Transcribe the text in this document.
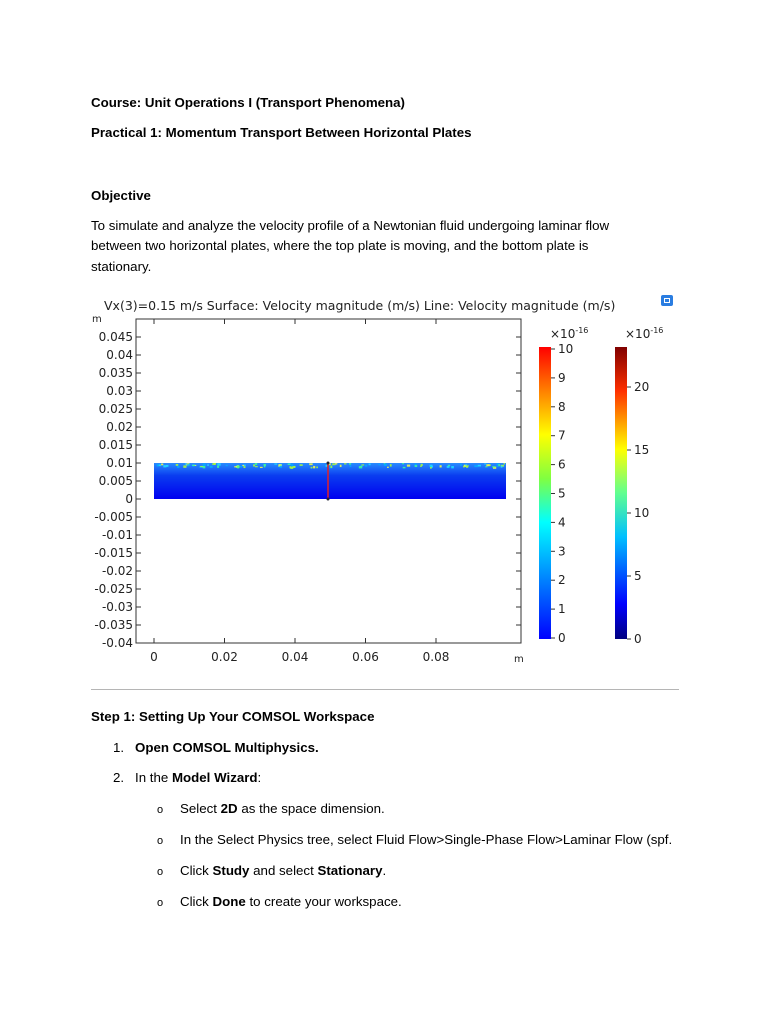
Course: Unit Operations I (Transport Phenomena)
Practical 1: Momentum Transport Between Horizontal Plates
Objective
To simulate and analyze the velocity profile of a Newtonian fluid undergoing laminar flow between two horizontal plates, where the top plate is moving, and the bottom plate is stationary.
Vx(3)=0.15 m/s Surface: Velocity magnitude (m/s) Line: Velocity magnitude (m/s)
m
m
0.045
0.04
0.035
0.03
0.025
0.02
0.015
0.01
0.005
0
-0.005
-0.01
-0.015
-0.02
-0.025
-0.03
-0.035
-0.04
0	0.02	0.04	0.06	0.08
$\times 10^{-16}$
10
9
8
7
6
5
4
3
2
1
0
$\times 10^{-16}$
20
15
10
5
0
Step 1: Setting Up Your COMSOL Workspace
1. Open COMSOL Multiphysics.
2. In the Model Wizard:
o Select 2D as the space dimension.
o In the Select Physics tree, select Fluid Flow>Single-Phase Flow>Laminar Flow (spf.
o Click Study and select Stationary.
o Click Done to create your workspace.
